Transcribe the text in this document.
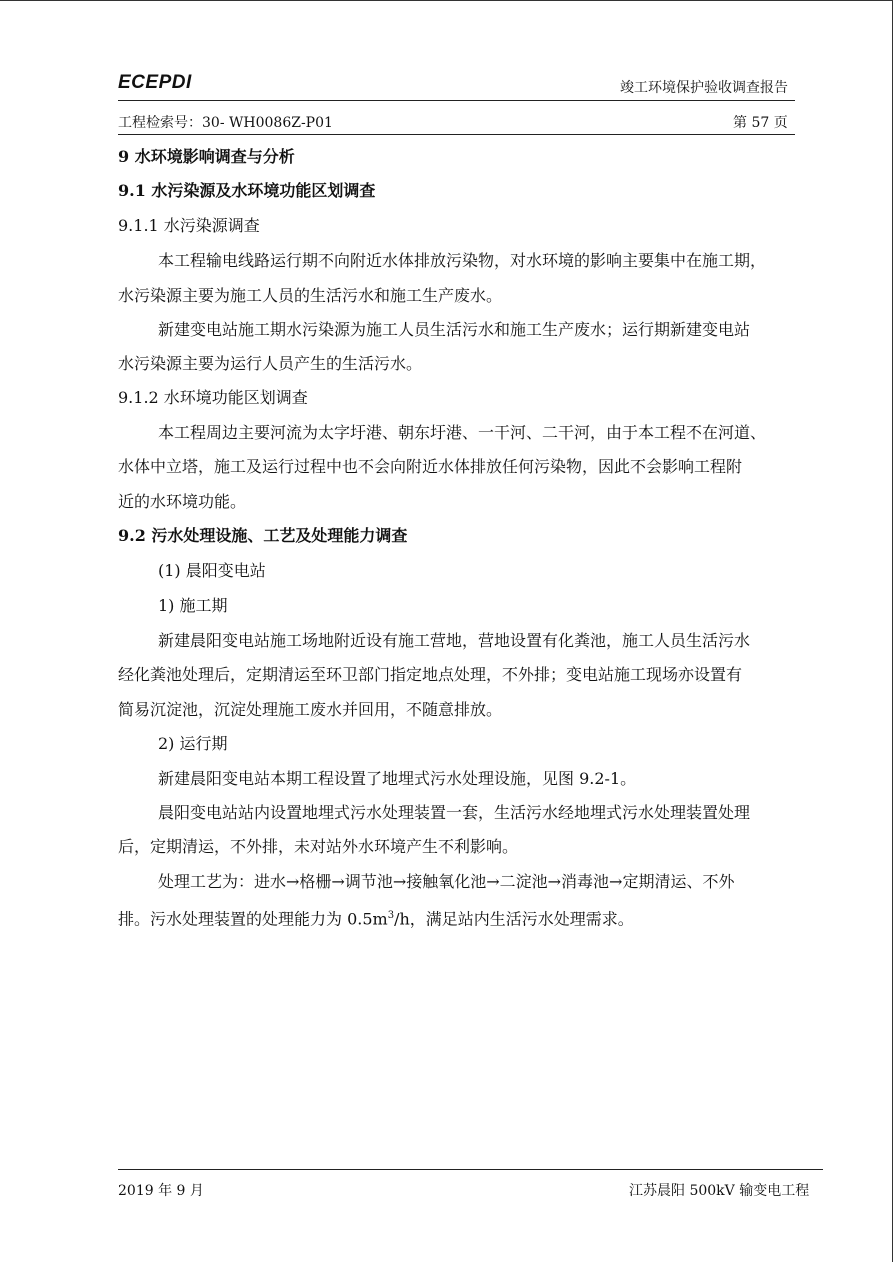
ECEPDI	竣工环境保护验收调查报告
工程检索号：30- WH0086Z-P01	第 57 页
9 水环境影响调查与分析
9.1 水污染源及水环境功能区划调查
9.1.1 水污染源调查
本工程输电线路运行期不向附近水体排放污染物，对水环境的影响主要集中在施工期，
水污染源主要为施工人员的生活污水和施工生产废水。
新建变电站施工期水污染源为施工人员生活污水和施工生产废水；运行期新建变电站
水污染源主要为运行人员产生的生活污水。
9.1.2 水环境功能区划调查
本工程周边主要河流为太字圩港、朝东圩港、一干河、二干河，由于本工程不在河道、
水体中立塔，施工及运行过程中也不会向附近水体排放任何污染物，因此不会影响工程附
近的水环境功能。
9.2 污水处理设施、工艺及处理能力调查
(1) 晨阳变电站
1) 施工期
新建晨阳变电站施工场地附近设有施工营地，营地设置有化粪池，施工人员生活污水
经化粪池处理后，定期清运至环卫部门指定地点处理，不外排；变电站施工现场亦设置有
简易沉淀池，沉淀处理施工废水并回用，不随意排放。
2) 运行期
新建晨阳变电站本期工程设置了地埋式污水处理设施，见图 9.2-1。
晨阳变电站站内设置地埋式污水处理装置一套，生活污水经地埋式污水处理装置处理
后，定期清运，不外排，未对站外水环境产生不利影响。
处理工艺为：进水→格栅→调节池→接触氧化池→二淀池→消毒池→定期清运、不外
排。污水处理装置的处理能力为 $0.5m^3/h$，满足站内生活污水处理需求。
2019 年 9 月	江苏晨阳 500kV 输变电工程
